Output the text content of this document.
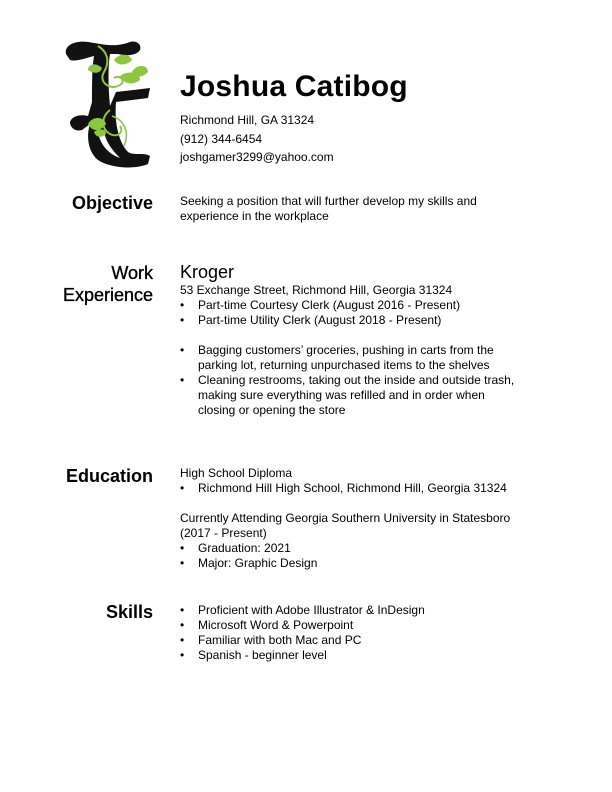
Joshua Catibog
Richmond Hill, GA 31324
(912) 344-6454
joshgamer3299@yahoo.com
Objective Seeking a position that will further develop my skills and experience in the workplace

Work
Experience
Kroger

53 Exchange Street, Richmond Hill, Georgia 31324

• Part-time Courtesy Clerk (August 2016 - Present)
• Part-time Utility Clerk (August 2018 - Present)
• Bagging customers’ groceries, pushing in carts from the parking lot, returning unpurchased items to the shelves
• Cleaning restrooms, taking out the inside and outside trash, making sure everything was refilled and in order when closing or opening the store
Education High School Diploma

• Richmond Hill High School, Richmond Hill, Georgia 31324

Currently Attending Georgia Southern University in Statesboro (2017 - Present)

• Graduation: 2021
• Major: Graphic Design
Skills	• Proficient with Adobe Illustrator & InDesign
• Microsoft Word & Powerpoint
• Familiar with both Mac and PC
• Spanish - beginner level
